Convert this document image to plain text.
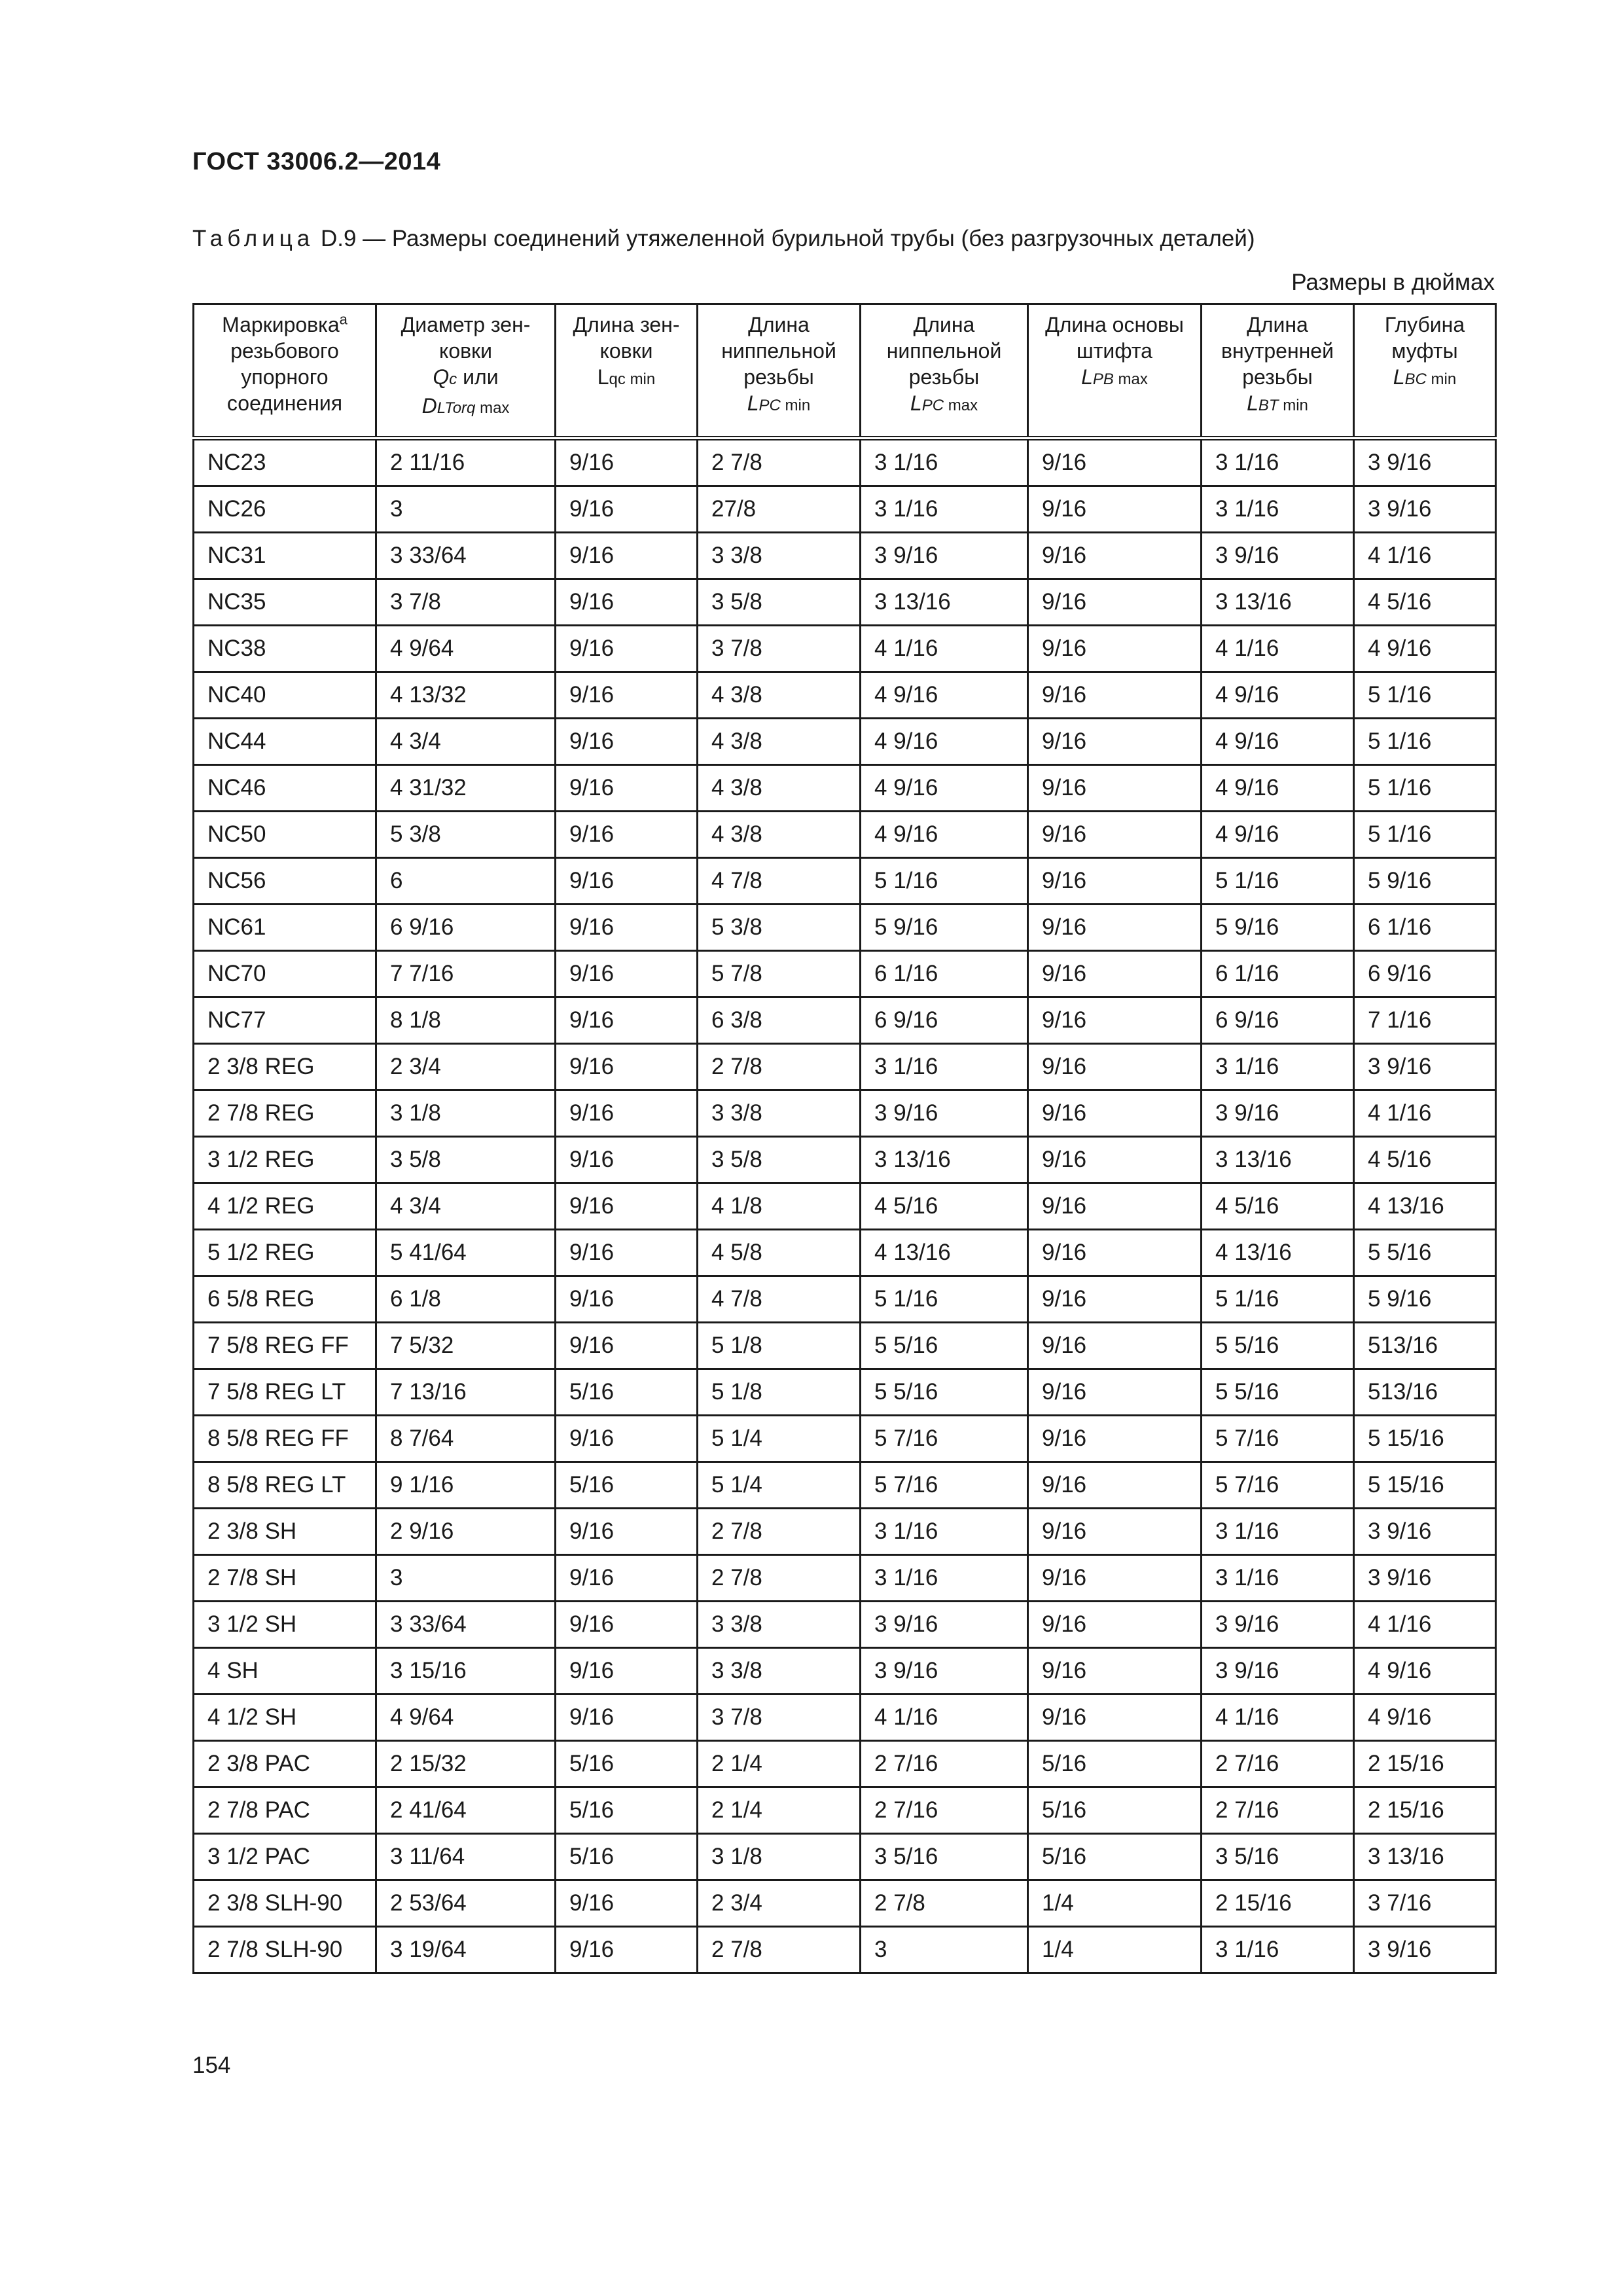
ГОСТ 33006.2—2014
Таблица D.9 — Размеры соединений утяжеленной бурильной трубы (без разгрузочных деталей)
Размеры в дюймах
Маркировка$^a$
резьбового
упорного
соединения	Диаметр зен-
ковки
Qc или
DLTorq max	Длина зен-
ковки
Lqc min	Длина
ниппельной
резьбы
LPC min	Длина
ниппельной
резьбы
LPC max	Длина основы
штифта
LPB max	Длина
внутренней
резьбы
LBT min	Глубина
муфты
LBC min

NC23	2 11/16	9/16	2 7/8	3 1/16	9/16	3 1/16	3 9/16
NC26	3	9/16	27/8	3 1/16	9/16	3 1/16	3 9/16
NC31	3 33/64	9/16	3 3/8	3 9/16	9/16	3 9/16	4 1/16
NC35	3 7/8	9/16	3 5/8	3 13/16	9/16	3 13/16	4 5/16
NC38	4 9/64	9/16	3 7/8	4 1/16	9/16	4 1/16	4 9/16
NC40	4 13/32	9/16	4 3/8	4 9/16	9/16	4 9/16	5 1/16
NC44	4 3/4	9/16	4 3/8	4 9/16	9/16	4 9/16	5 1/16
NC46	4 31/32	9/16	4 3/8	4 9/16	9/16	4 9/16	5 1/16
NC50	5 3/8	9/16	4 3/8	4 9/16	9/16	4 9/16	5 1/16
NC56	6	9/16	4 7/8	5 1/16	9/16	5 1/16	5 9/16
NC61	6 9/16	9/16	5 3/8	5 9/16	9/16	5 9/16	6 1/16
NC70	7 7/16	9/16	5 7/8	6 1/16	9/16	6 1/16	6 9/16
NC77	8 1/8	9/16	6 3/8	6 9/16	9/16	6 9/16	7 1/16
2 3/8 REG	2 3/4	9/16	2 7/8	3 1/16	9/16	3 1/16	3 9/16
2 7/8 REG	3 1/8	9/16	3 3/8	3 9/16	9/16	3 9/16	4 1/16
3 1/2 REG	3 5/8	9/16	3 5/8	3 13/16	9/16	3 13/16	4 5/16
4 1/2 REG	4 3/4	9/16	4 1/8	4 5/16	9/16	4 5/16	4 13/16
5 1/2 REG	5 41/64	9/16	4 5/8	4 13/16	9/16	4 13/16	5 5/16
6 5/8 REG	6 1/8	9/16	4 7/8	5 1/16	9/16	5 1/16	5 9/16
7 5/8 REG FF	7 5/32	9/16	5 1/8	5 5/16	9/16	5 5/16	513/16
7 5/8 REG LT	7 13/16	5/16	5 1/8	5 5/16	9/16	5 5/16	513/16
8 5/8 REG FF	8 7/64	9/16	5 1/4	5 7/16	9/16	5 7/16	5 15/16
8 5/8 REG LT	9 1/16	5/16	5 1/4	5 7/16	9/16	5 7/16	5 15/16
2 3/8 SH	2 9/16	9/16	2 7/8	3 1/16	9/16	3 1/16	3 9/16
2 7/8 SH	3	9/16	2 7/8	3 1/16	9/16	3 1/16	3 9/16
3 1/2 SH	3 33/64	9/16	3 3/8	3 9/16	9/16	3 9/16	4 1/16
4 SH	3 15/16	9/16	3 3/8	3 9/16	9/16	3 9/16	4 9/16
4 1/2 SH	4 9/64	9/16	3 7/8	4 1/16	9/16	4 1/16	4 9/16
2 3/8 PAC	2 15/32	5/16	2 1/4	2 7/16	5/16	2 7/16	2 15/16
2 7/8 PAC	2 41/64	5/16	2 1/4	2 7/16	5/16	2 7/16	2 15/16
3 1/2 PAC	3 11/64	5/16	3 1/8	3 5/16	5/16	3 5/16	3 13/16
2 3/8 SLH-90	2 53/64	9/16	2 3/4	2 7/8	1/4	2 15/16	3 7/16
2 7/8 SLH-90	3 19/64	9/16	2 7/8	3	1/4	3 1/16	3 9/16
154
